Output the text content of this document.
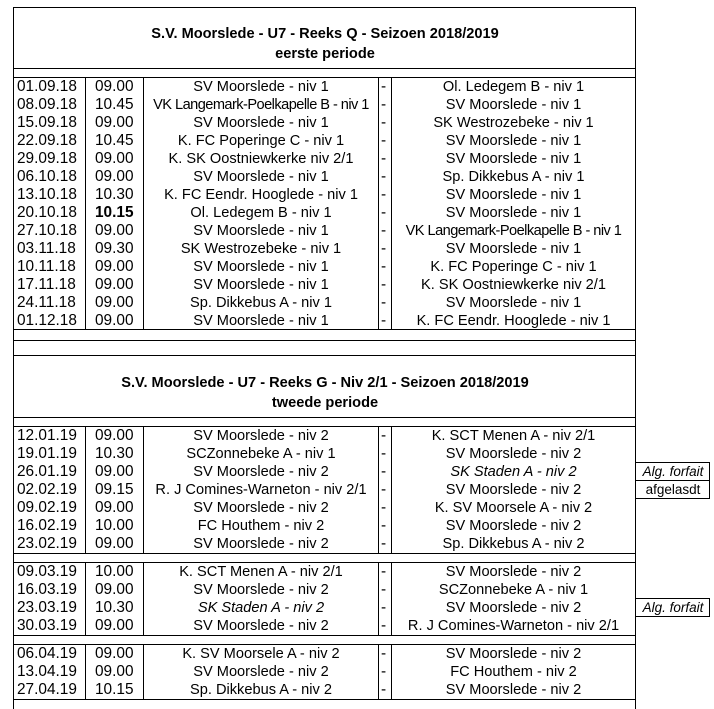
S.V. Moorslede - U7 - Reeks Q - Seizoen 2018/2019
eerste periode
01.09.18	09.00	SV Moorslede - niv 1	-	Ol. Ledegem B - niv 1
08.09.18	10.45	VK Langemark-Poelkapelle B - niv 1 -	SV Moorslede - niv 1
15.09.18	09.00	SV Moorslede - niv 1	-	SK Westrozebeke - niv 1
22.09.18	10.45	K. FC Poperinge C - niv 1	-	SV Moorslede - niv 1
29.09.18	09.00	K. SK Oostniewkerke niv 2/1	-	SV Moorslede - niv 1
06.10.18	09.00	SV Moorslede - niv 1	-	Sp. Dikkebus A - niv 1
13.10.18	10.30	K. FC Eendr. Hooglede - niv 1	-	SV Moorslede - niv 1
20.10.18	10.15	Ol. Ledegem B - niv 1	-	SV Moorslede - niv 1
27.10.18	09.00	SV Moorslede - niv 1	-	VK Langemark-Poelkapelle B - niv 1
03.11.18	09.30	SK Westrozebeke - niv 1	-	SV Moorslede - niv 1
10.11.18	09.00	SV Moorslede - niv 1	-	K. FC Poperinge C - niv 1
17.11.18	09.00	SV Moorslede - niv 1	-	K. SK Oostniewkerke niv 2/1
24.11.18	09.00	Sp. Dikkebus A - niv 1	-	SV Moorslede - niv 1
01.12.18	09.00	SV Moorslede - niv 1	-	K. FC Eendr. Hooglede - niv 1
S.V. Moorslede - U7 - Reeks G - Niv 2/1 - Seizoen 2018/2019
tweede periode
12.01.19	09.00	SV Moorslede - niv 2	-	K. SCT Menen A - niv 2/1
19.01.19	10.30	SCZonnebeke A - niv 1	-	SV Moorslede - niv 2
26.01.19	09.00	SV Moorslede - niv 2	-	SK Staden A - niv 2	Alg. forfait
02.02.19	09.15	R. J Comines-Warneton - niv 2/1 -	SV Moorslede - niv 2	afgelasdt
09.02.19	09.00	SV Moorslede - niv 2	-	K. SV Moorsele A - niv 2
16.02.19	10.00	FC Houthem - niv 2	-	SV Moorslede - niv 2
23.02.19	09.00	SV Moorslede - niv 2	-	Sp. Dikkebus A - niv 2
09.03.19	10.00	K. SCT Menen A - niv 2/1	-	SV Moorslede - niv 2
16.03.19	09.00	SV Moorslede - niv 2	-	SCZonnebeke A - niv 1
23.03.19	10.30	SK Staden A - niv 2	-	SV Moorslede - niv 2	Alg. forfait
30.03.19	09.00	SV Moorslede - niv 2	-	R. J Comines-Warneton - niv 2/1
06.04.19	09.00	K. SV Moorsele A - niv 2	-	SV Moorslede - niv 2
13.04.19	09.00	SV Moorslede - niv 2	-	FC Houthem - niv 2
27.04.19	10.15	Sp. Dikkebus A - niv 2	-	SV Moorslede - niv 2
